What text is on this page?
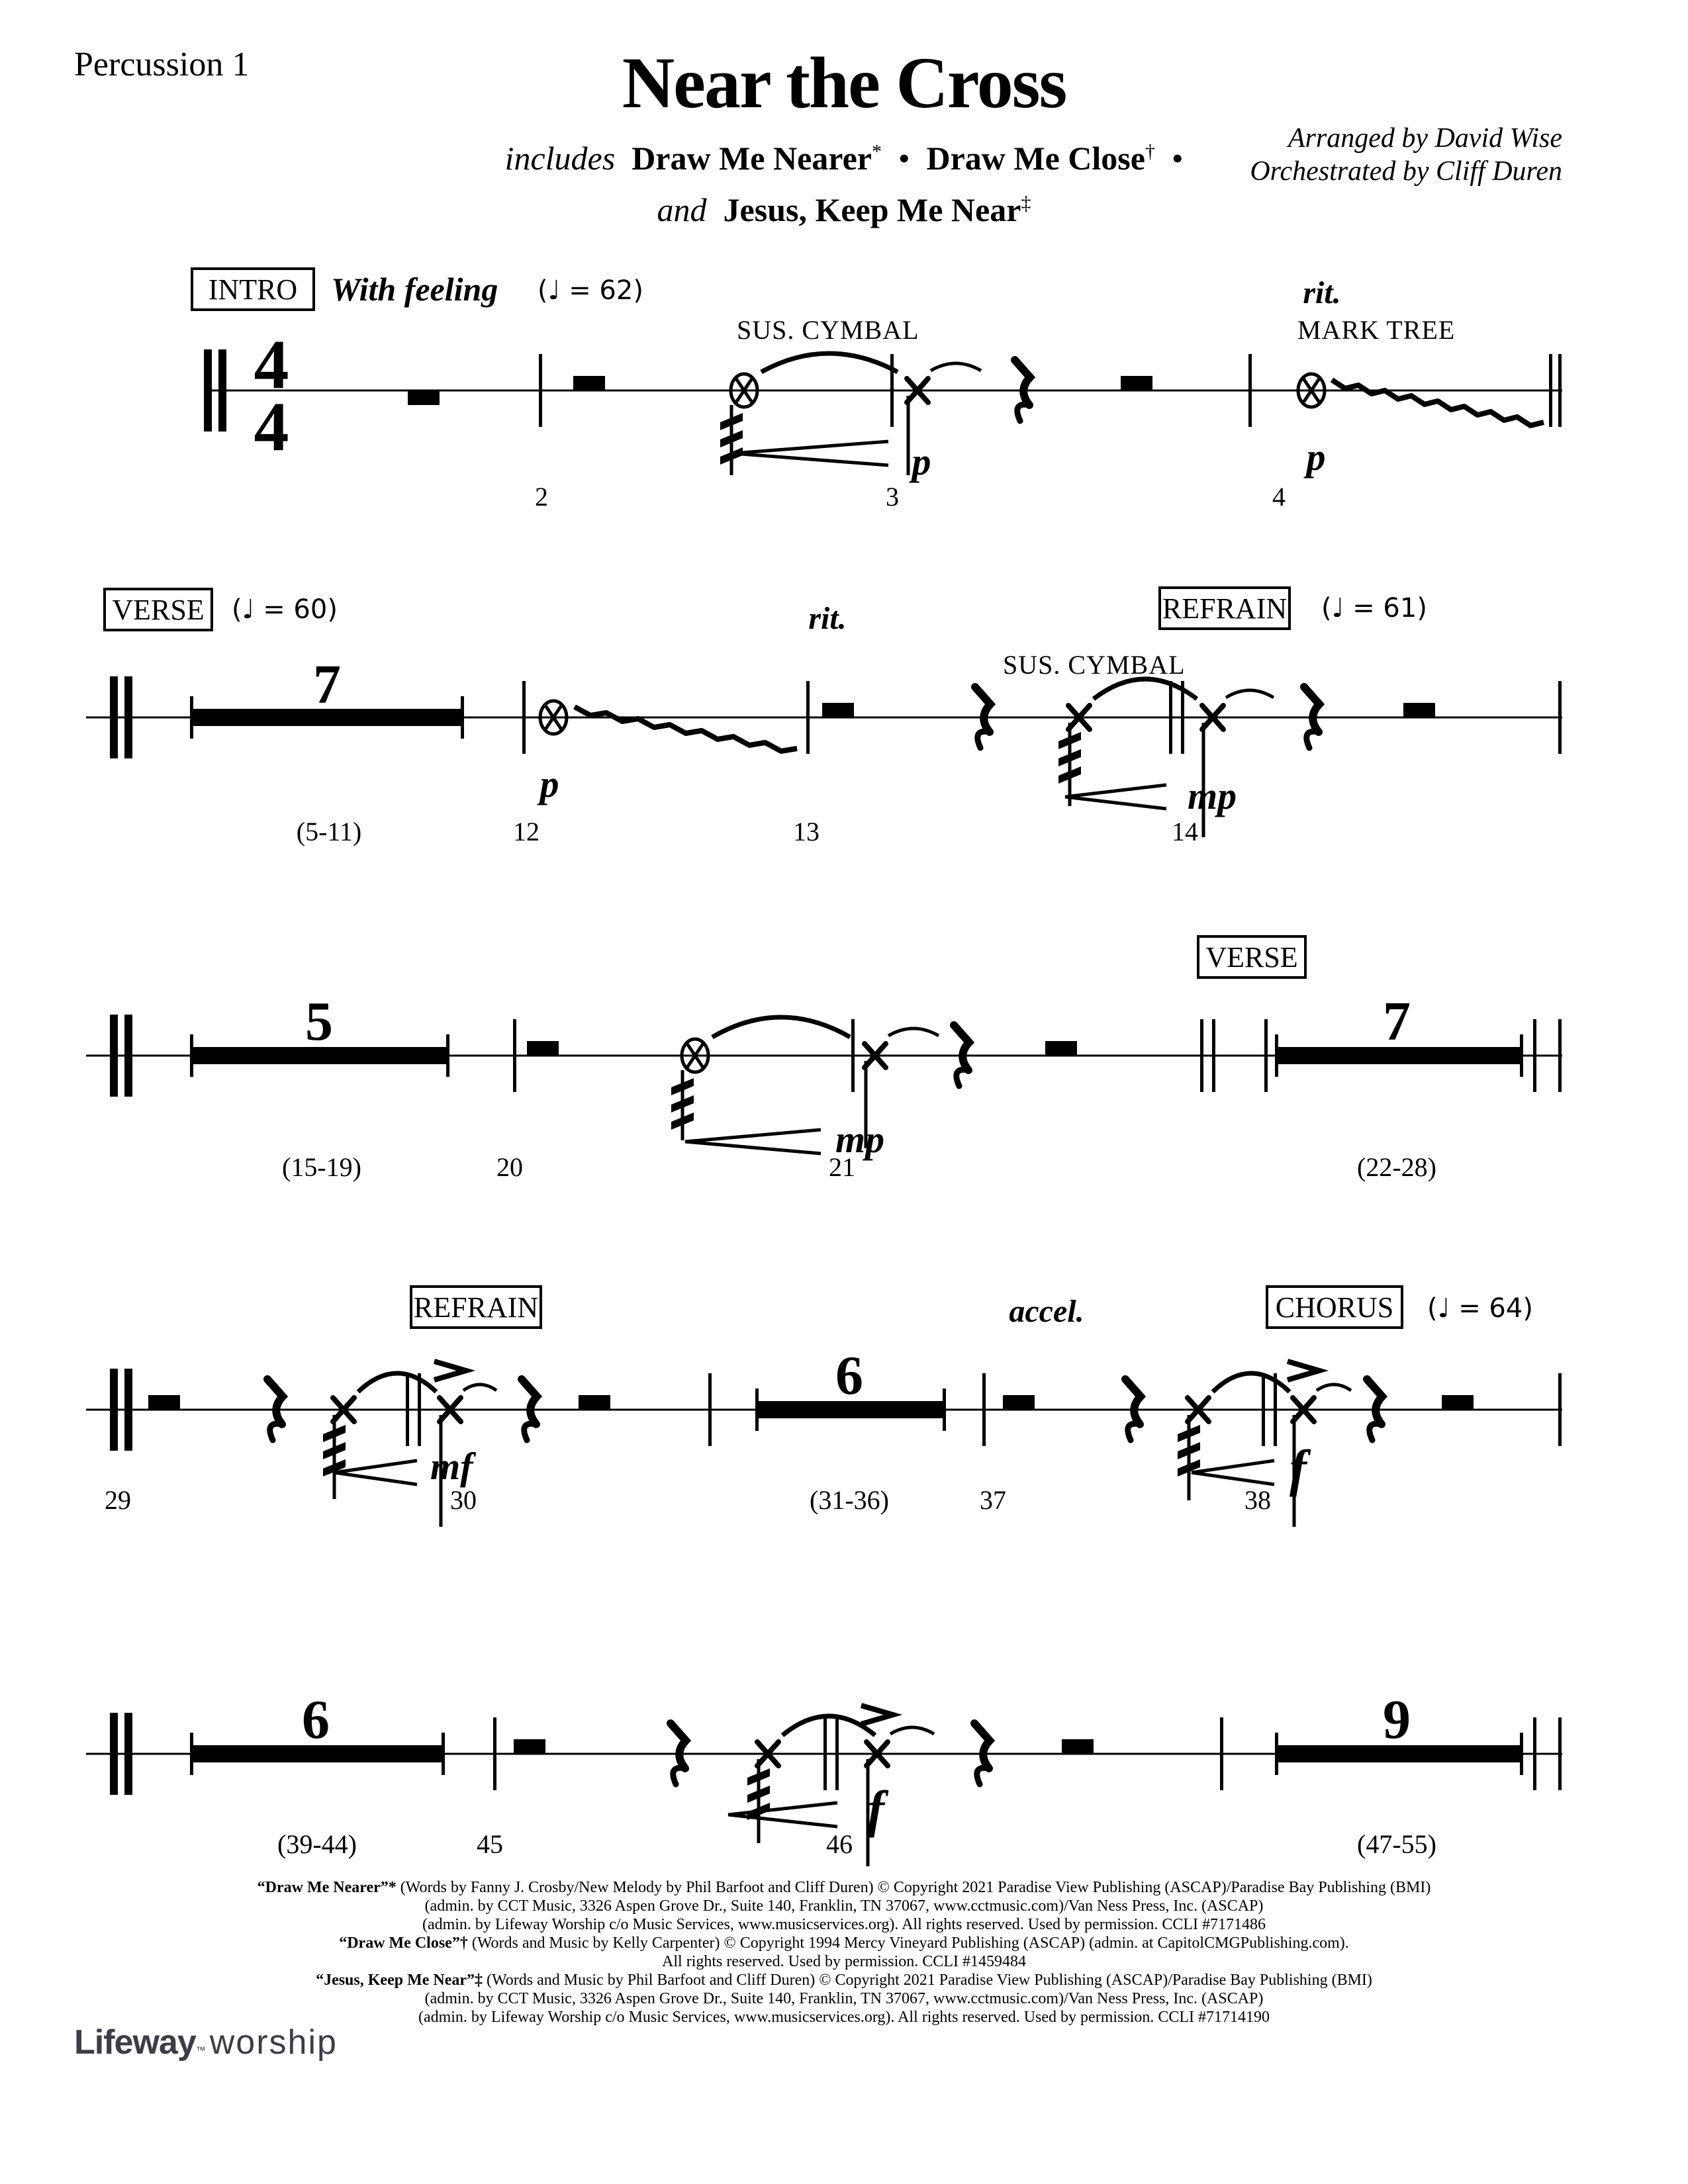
Percussion 1	Near the Cross
includes Draw Me Nearer* • Draw Me Close† •
and Jesus, Keep Me Near‡
Arranged by David Wise
Orchestrated by Cliff Duren
INTRO With feeling (♩ = 62)
SUS. CYMBAL
rit.
MARK TREE
4
4	p	p
2	3	4
VERSE (♩ = 60)	rit.	REFRAIN (♩ = 61)
SUS. CYMBAL
7
p	mp
(5-11)	12	13	14
VERSE
5
mp
7
(15-19)	20	21	(22-28)
REFRAIN	accel.	CHORUS (♩ = 64)
mf
6
f
29	30	(31-36)	37	38
6
f
9
(39-44)	45	46	(47-55)
“Draw Me Nearer”* (Words by Fanny J. Crosby/New Melody by Phil Barfoot and Cliff Duren) © Copyright 2021 Paradise View Publishing (ASCAP)/Paradise Bay Publishing (BMI)
(admin. by CCT Music, 3326 Aspen Grove Dr., Suite 140, Franklin, TN 37067, www.cctmusic.com)/Van Ness Press, Inc. (ASCAP)
(admin. by Lifeway Worship c/o Music Services, www.musicservices.org). All rights reserved. Used by permission. CCLI #7171486
“Draw Me Close”† (Words and Music by Kelly Carpenter) © Copyright 1994 Mercy Vineyard Publishing (ASCAP) (admin. at CapitolCMGPublishing.com).
All rights reserved. Used by permission. CCLI #1459484
“Jesus, Keep Me Near”‡ (Words and Music by Phil Barfoot and Cliff Duren) © Copyright 2021 Paradise View Publishing (ASCAP)/Paradise Bay Publishing (BMI)
(admin. by CCT Music, 3326 Aspen Grove Dr., Suite 140, Franklin, TN 37067, www.cctmusic.com)/Van Ness Press, Inc. (ASCAP)
(admin. by Lifeway Worship c/o Music Services, www.musicservices.org). All rights reserved. Used by permission. CCLI #71714190
Lifeway™ worship
